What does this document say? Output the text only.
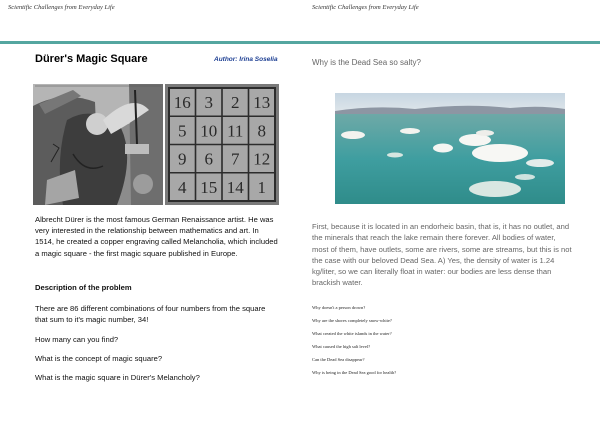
Scientific Challenges from Everyday Life	Scientific Challenges from Everyday Life
Dürer's Magic Square	Author: Irina Soselia
16 3 2 13
5 10 11 8
9 6 7 12
4 15 14 1

Albrecht Dürer is the most famous German Renaissance artist. He was very interested in the relationship between mathematics and art. In 1514, he created a copper engraving called Melancholia, which included a magic square - the first magic square published in Europe.

Description of the problem

There are 86 different combinations of four numbers from the square that sum to it's magic number, 34!

How many can you find?
What is the concept of magic square?
What is the magic square in Dürer's Melancholy?
Why is the Dead Sea so salty?

First, because it is located in an endorheic basin, that is, it has no outlet, and the minerals that reach the lake remain there forever. All bodies of water, most of them, have outlets, some are rivers, some are streams, but this is not the case with our beloved Dead Sea. A) Yes, the density of water is 1.24 kg/liter, so we can literally float in water: our bodies are less dense than brackish water.

Why doesn't a person drown?
Why are the shores completely snow-white?
What created the white islands in the water?
What caused the high salt level?
Can the Dead Sea disappear?
Why is being in the Dead Sea good for health?
